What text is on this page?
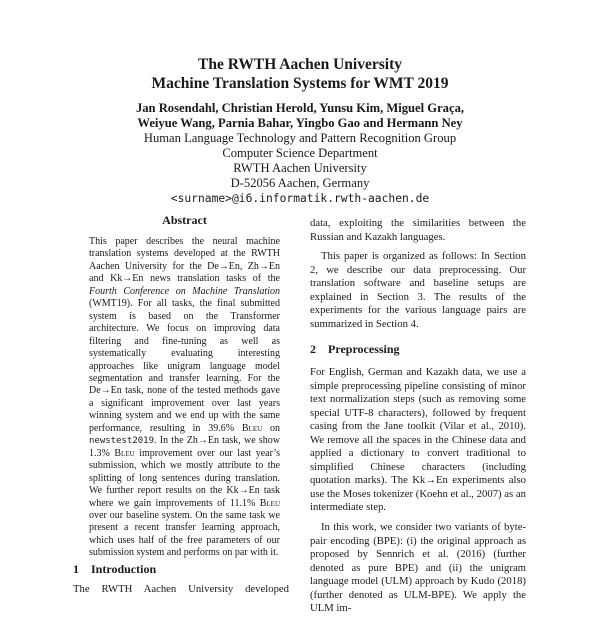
The RWTH Aachen University
Machine Translation Systems for WMT 2019
Jan Rosendahl, Christian Herold, Yunsu Kim, Miguel Graça,
Weiyue Wang, Parnia Bahar, Yingbo Gao and Hermann Ney
Human Language Technology and Pattern Recognition Group
Computer Science Department
RWTH Aachen University
D-52056 Aachen, Germany
<surname>@i6.informatik.rwth-aachen.de
Abstract

This paper describes the neural machine translation systems developed at the RWTH Aachen University for the De→En, Zh→En and Kk→En news translation tasks of the Fourth Conference on Machine Translation (WMT19). For all tasks, the final submitted system is based on the Transformer architecture. We focus on improving data filtering and fine-tuning as well as systematically evaluating interesting approaches like unigram language model segmentation and transfer learning. For the De→En task, none of the tested methods gave a significant improvement over last years winning system and we end up with the same performance, resulting in 39.6% Bleu on newstest2019. In the Zh→En task, we show 1.3% Bleu improvement over our last year’s submission, which we mostly attribute to the splitting of long sentences during translation. We further report results on the Kk→En task where we gain improvements of 11.1% Bleu over our baseline system. On the same task we present a recent transfer learning approach, which uses half of the free parameters of our submission system and performs on par with it.

1 Introduction
The RWTH Aachen University developed

data, exploiting the similarities between the Russian and Kazakh languages.

This paper is organized as follows: In Section 2, we describe our data preprocessing. Our translation software and baseline setups are explained in Section 3. The results of the experiments for the various language pairs are summarized in Section 4.

2 Preprocessing

For English, German and Kazakh data, we use a simple preprocessing pipeline consisting of minor text normalization steps (such as removing some special UTF-8 characters), followed by frequent casing from the Jane toolkit (Vilar et al., 2010). We remove all the spaces in the Chinese data and applied a dictionary to convert traditional to simplified Chinese characters (including quotation marks). The Kk→En experiments also use the Moses tokenizer (Koehn et al., 2007) as an intermediate step.

In this work, we consider two variants of byte-pair encoding (BPE): (i) the original approach as proposed by Sennrich et al. (2016) (further denoted as pure BPE) and (ii) the unigram language model (ULM) approach by Kudo (2018) (further denoted as ULM-BPE). We apply the ULM im-
